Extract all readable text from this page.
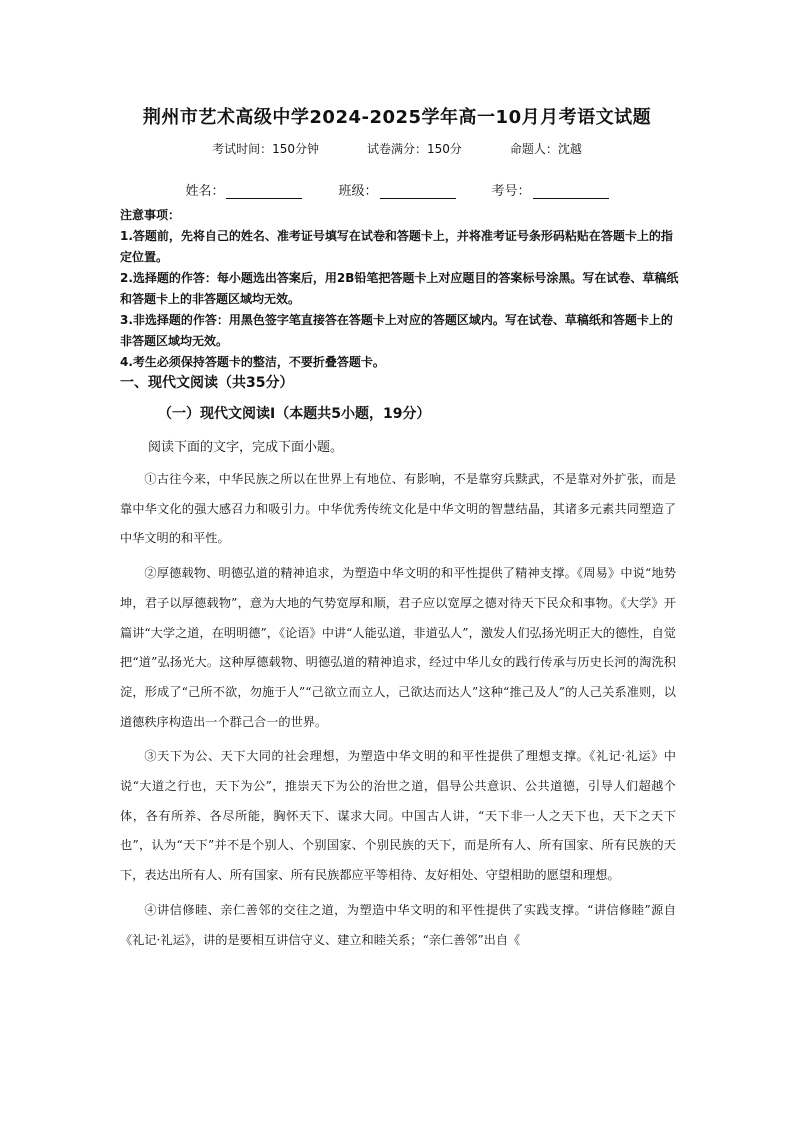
荆州市艺术高级中学2024-2025学年高一10月月考语文试题
考试时间：150分钟	试卷满分：150分	命题人：沈越
姓名：	班级：	考号：

注意事项：

1.答题前，先将自己的姓名、准考证号填写在试卷和答题卡上，并将准考证号条形码粘贴在答题卡上的指定位置。

2.选择题的作答：每小题选出答案后，用2B铅笔把答题卡上对应题目的答案标号涂黑。写在试卷、草稿纸和答题卡上的非答题区域均无效。

3.非选择题的作答：用黑色签字笔直接答在答题卡上对应的答题区域内。写在试卷、草稿纸和答题卡上的非答题区域均无效。

4.考生必须保持答题卡的整洁，不要折叠答题卡。

一、现代文阅读（共35分）
（一）现代文阅读Ⅰ（本题共5小题，19分）
阅读下面的文字，完成下面小题。

①古往今来，中华民族之所以在世界上有地位、有影响，不是靠穷兵黩武，不是靠对外扩张，而是靠中华文化的强大感召力和吸引力。中华优秀传统文化是中华文明的智慧结晶，其诸多元素共同塑造了中华文明的和平性。

②厚德载物、明德弘道的精神追求，为塑造中华文明的和平性提供了精神支撑。《周易》中说“地势坤，君子以厚德载物”，意为大地的气势宽厚和顺，君子应以宽厚之德对待天下民众和事物。《大学》开篇讲“大学之道，在明明德”，《论语》中讲“人能弘道，非道弘人”，激发人们弘扬光明正大的德性，自觉把“道”弘扬光大。这种厚德载物、明德弘道的精神追求，经过中华儿女的践行传承与历史长河的淘洗积淀，形成了“己所不欲，勿施于人”“己欲立而立人，己欲达而达人”这种“推己及人”的人己关系准则，以道德秩序构造出一个群己合一的世界。

③天下为公、天下大同的社会理想，为塑造中华文明的和平性提供了理想支撑。《礼记·礼运》中说“大道之行也，天下为公”，推崇天下为公的治世之道，倡导公共意识、公共道德，引导人们超越个体，各有所养、各尽所能，胸怀天下、谋求大同。中国古人讲，“天下非一人之天下也，天下之天下也”，认为“天下”并不是个别人、个别国家、个别民族的天下，而是所有人、所有国家、所有民族的天下，表达出所有人、所有国家、所有民族都应平等相待、友好相处、守望相助的愿望和理想。

④讲信修睦、亲仁善邻的交往之道，为塑造中华文明的和平性提供了实践支撑。“讲信修睦”源自《礼记·礼运》，讲的是要相互讲信守义、建立和睦关系；“亲仁善邻”出自《
